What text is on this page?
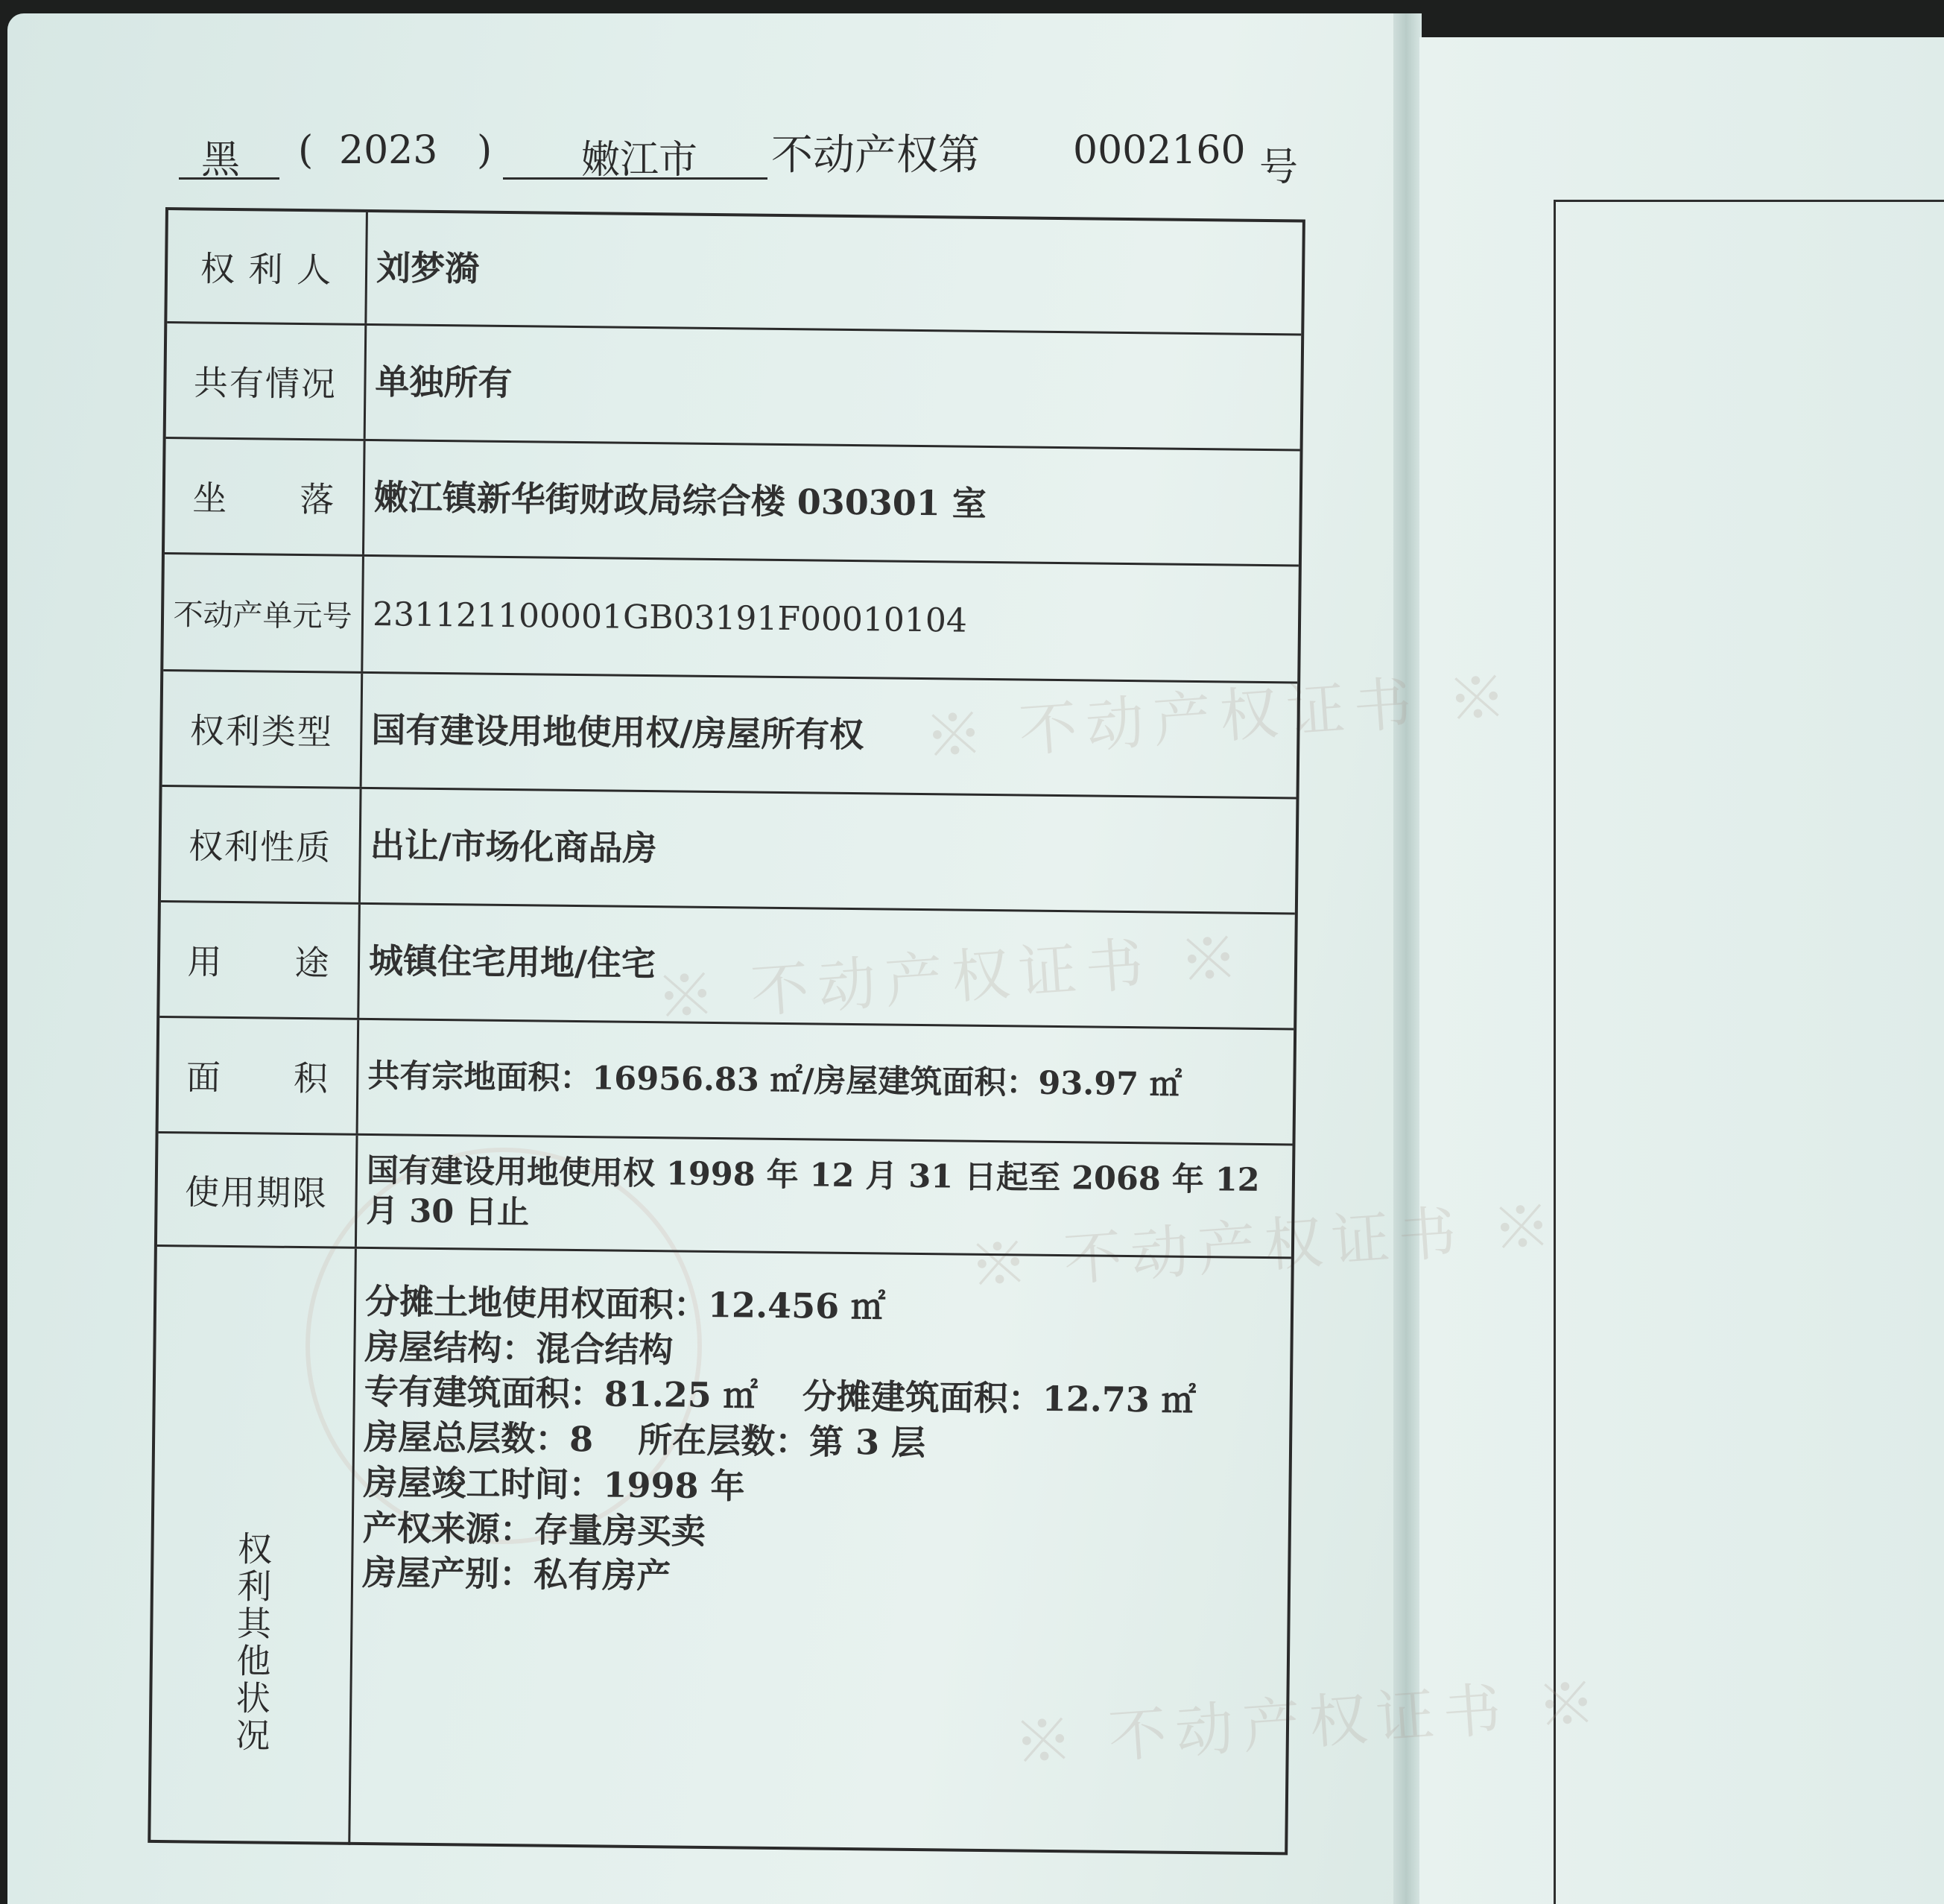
※ 不动产权证书 ※
※ 不动产权证书 ※
※ 不动产权证书 ※
※ 不动产权证书 ※
黑 ( 2023 ) 嫩江市 不动产权第 0002160 号
权 利 人	刘梦漪
共有情况	单独所有
坐　　落	嫩江镇新华街财政局综合楼 030301 室
不动产单元号 231121100001GB03191F00010104
权利类型	国有建设用地使用权/房屋所有权
权利性质	出让/市场化商品房
用　　途	城镇住宅用地/住宅
面　　积	共有宗地面积：16956.83 ㎡/房屋建筑面积：93.97 ㎡
使用期限	国有建设用地使用权 1998 年 12 月 31 日起至 2068 年 12 月 30 日止
权利其他状况
分摊土地使用权面积：12.456 ㎡
房屋结构：混合结构
专有建筑面积：81.25 ㎡ 分摊建筑面积：12.73 ㎡
房屋总层数：8 所在层数：第 3 层
房屋竣工时间：1998 年
产权来源：存量房买卖
房屋产别：私有房产
